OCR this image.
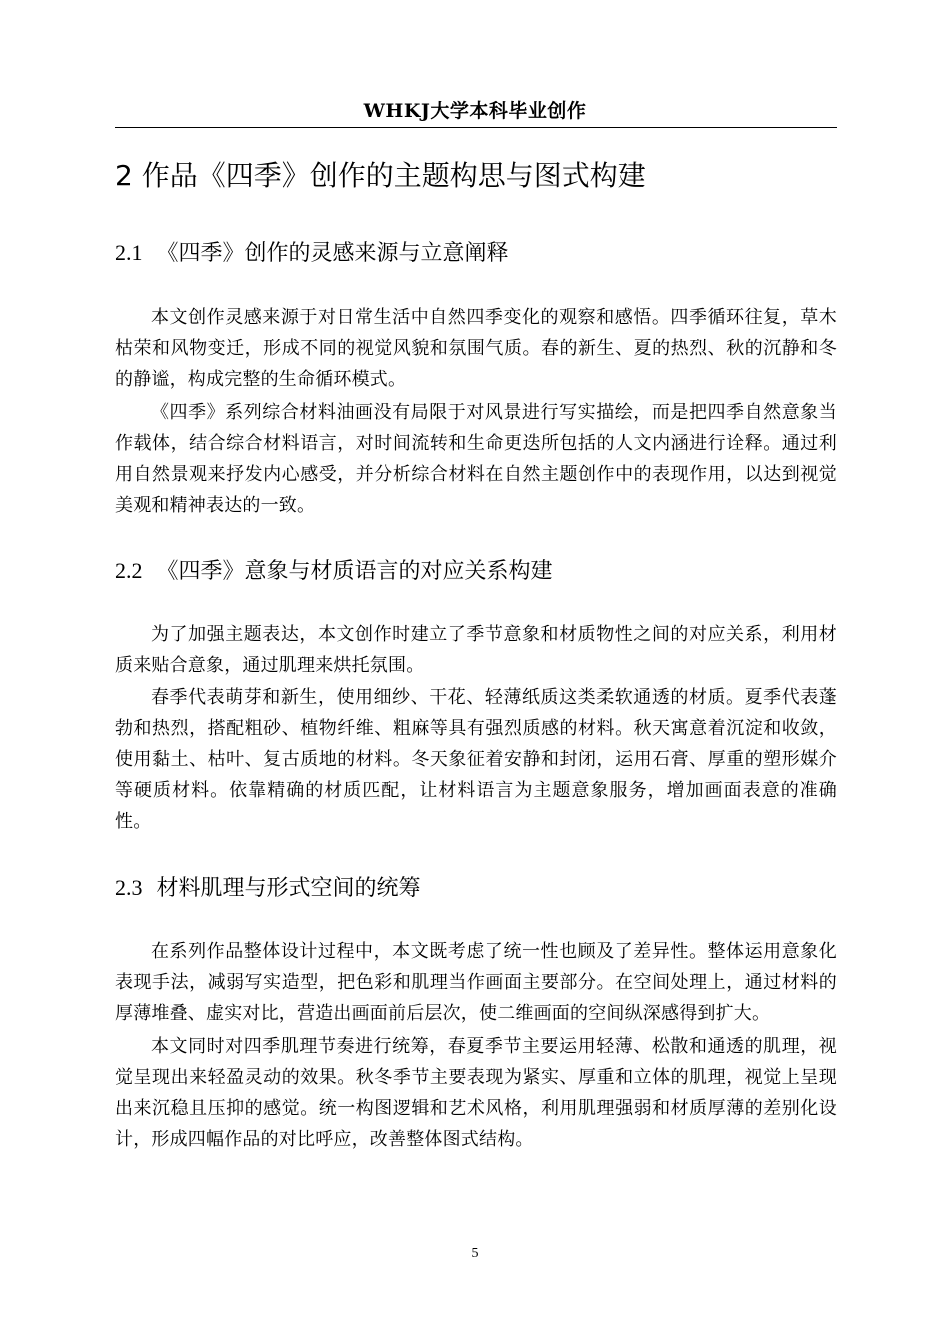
WHKJ大学本科毕业创作
2 作品《四季》创作的主题构思与图式构建
2.1 《四季》创作的灵感来源与立意阐释

本文创作灵感来源于对日常生活中自然四季变化的观察和感悟。四季循环往复，草木枯荣和风物变迁，形成不同的视觉风貌和氛围气质。春的新生、夏的热烈、秋的沉静和冬的静谧，构成完整的生命循环模式。

《四季》系列综合材料油画没有局限于对风景进行写实描绘，而是把四季自然意象当作载体，结合综合材料语言，对时间流转和生命更迭所包括的人文内涵进行诠释。通过利用自然景观来抒发内心感受，并分析综合材料在自然主题创作中的表现作用，以达到视觉美观和精神表达的一致。

2.2 《四季》意象与材质语言的对应关系构建

为了加强主题表达，本文创作时建立了季节意象和材质物性之间的对应关系，利用材质来贴合意象，通过肌理来烘托氛围。

春季代表萌芽和新生，使用细纱、干花、轻薄纸质这类柔软通透的材质。夏季代表蓬勃和热烈，搭配粗砂、植物纤维、粗麻等具有强烈质感的材料。秋天寓意着沉淀和收敛，使用黏土、枯叶、复古质地的材料。冬天象征着安静和封闭，运用石膏、厚重的塑形媒介等硬质材料。依靠精确的材质匹配，让材料语言为主题意象服务，增加画面表意的准确性。

2.3 材料肌理与形式空间的统筹

在系列作品整体设计过程中，本文既考虑了统一性也顾及了差异性。整体运用意象化表现手法，减弱写实造型，把色彩和肌理当作画面主要部分。在空间处理上，通过材料的厚薄堆叠、虚实对比，营造出画面前后层次，使二维画面的空间纵深感得到扩大。

本文同时对四季肌理节奏进行统筹，春夏季节主要运用轻薄、松散和通透的肌理，视觉呈现出来轻盈灵动的效果。秋冬季节主要表现为紧实、厚重和立体的肌理，视觉上呈现出来沉稳且压抑的感觉。统一构图逻辑和艺术风格，利用肌理强弱和材质厚薄的差别化设计，形成四幅作品的对比呼应，改善整体图式结构。

5
